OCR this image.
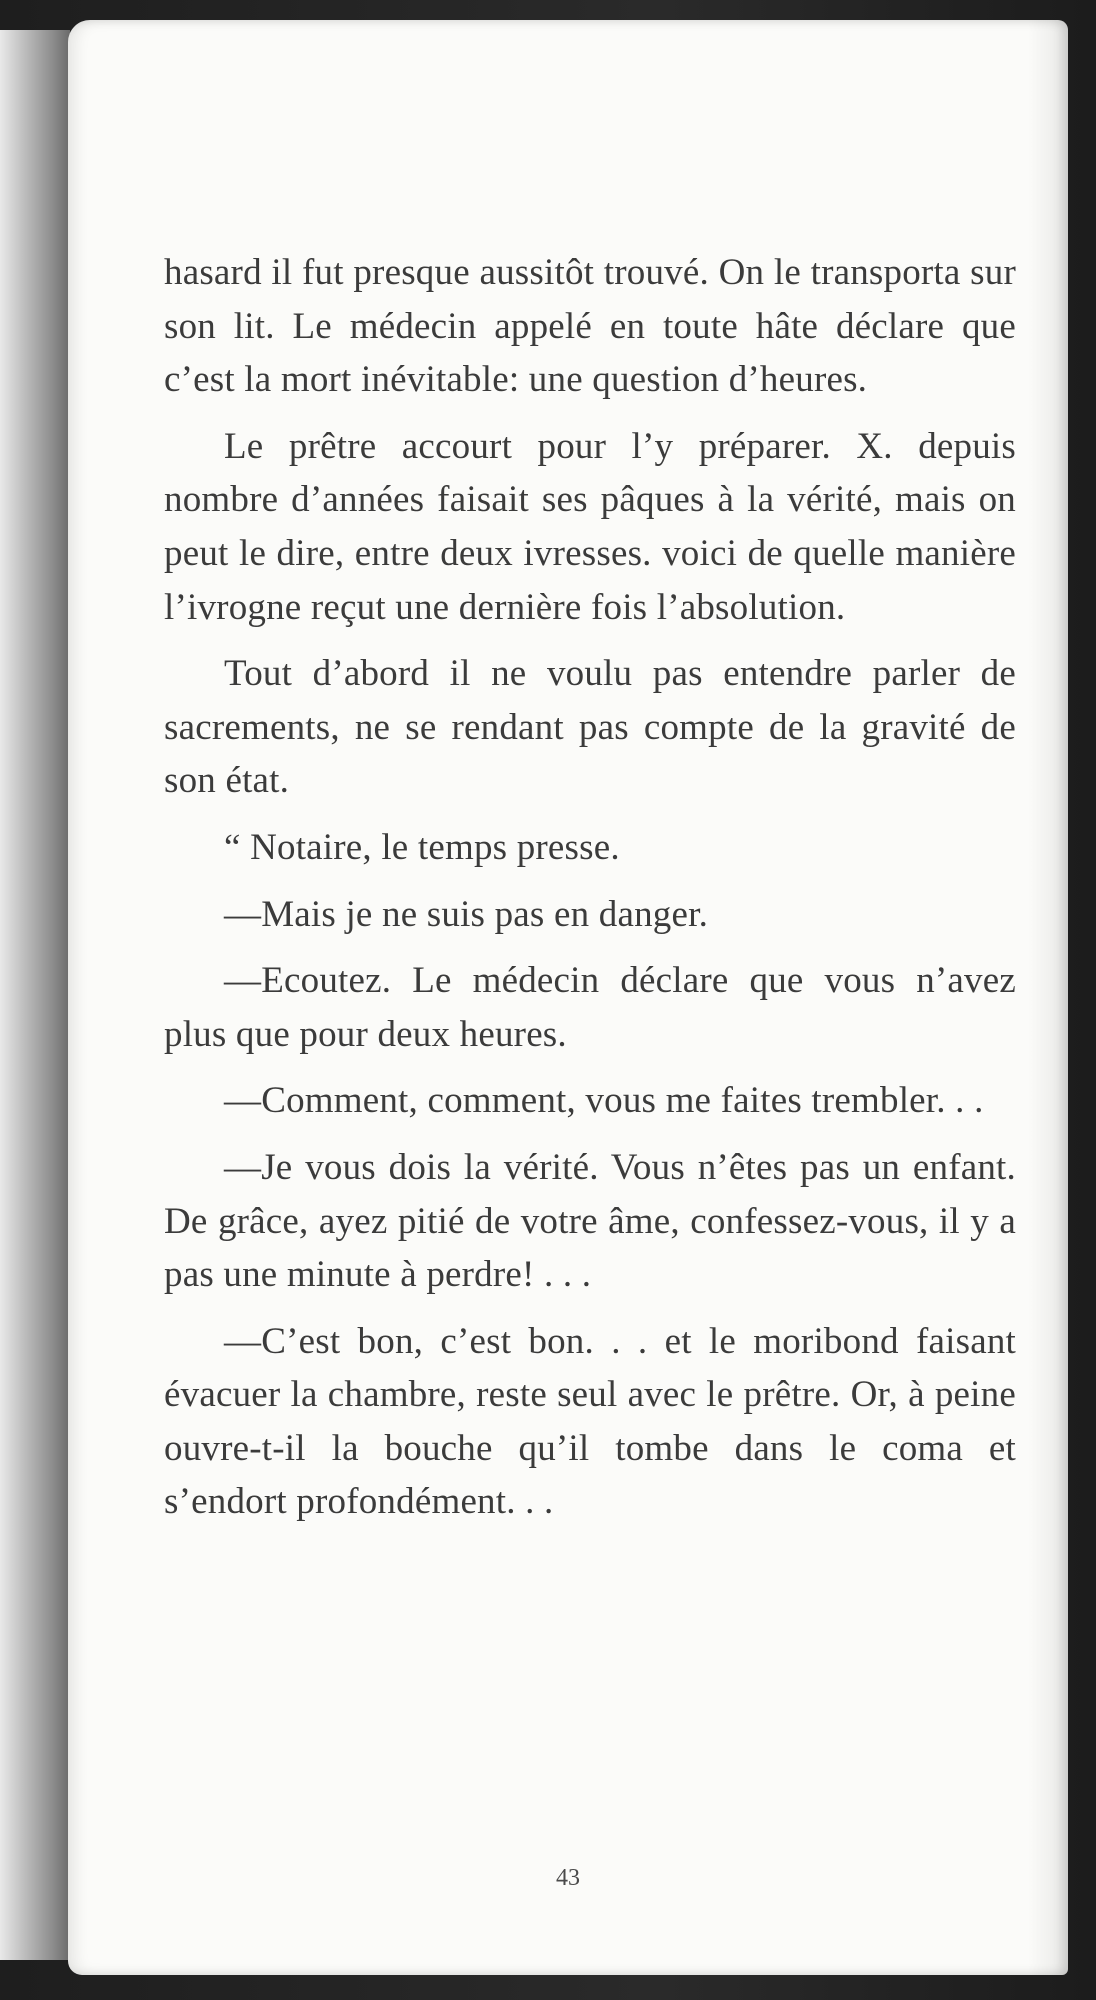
hasard il fut presque aussitôt trouvé. On le transporta sur son lit. Le médecin appelé en toute hâte déclare que c’est la mort inévitable: une question d’heures.

Le prêtre accourt pour l’y préparer. X. depuis nombre d’années faisait ses pâques à la vérité, mais on peut le dire, entre deux ivresses. voici de quelle manière l’ivrogne reçut une dernière fois l’absolution.

Tout d’abord il ne voulu pas entendre parler de sacrements, ne se rendant pas compte de la gravité de son état.

“ Notaire, le temps presse.

—Mais je ne suis pas en danger.

—Ecoutez. Le médecin déclare que vous n’avez plus que pour deux heures.

—Comment, comment, vous me faites trembler. . .

—Je vous dois la vérité. Vous n’êtes pas un enfant. De grâce, ayez pitié de votre âme, confessez-vous, il y a pas une minute à perdre! . . .

—C’est bon, c’est bon. . . et le moribond faisant évacuer la chambre, reste seul avec le prêtre. Or, à peine ouvre-t-il la bouche qu’il tombe dans le coma et s’endort profondément. . .

43
